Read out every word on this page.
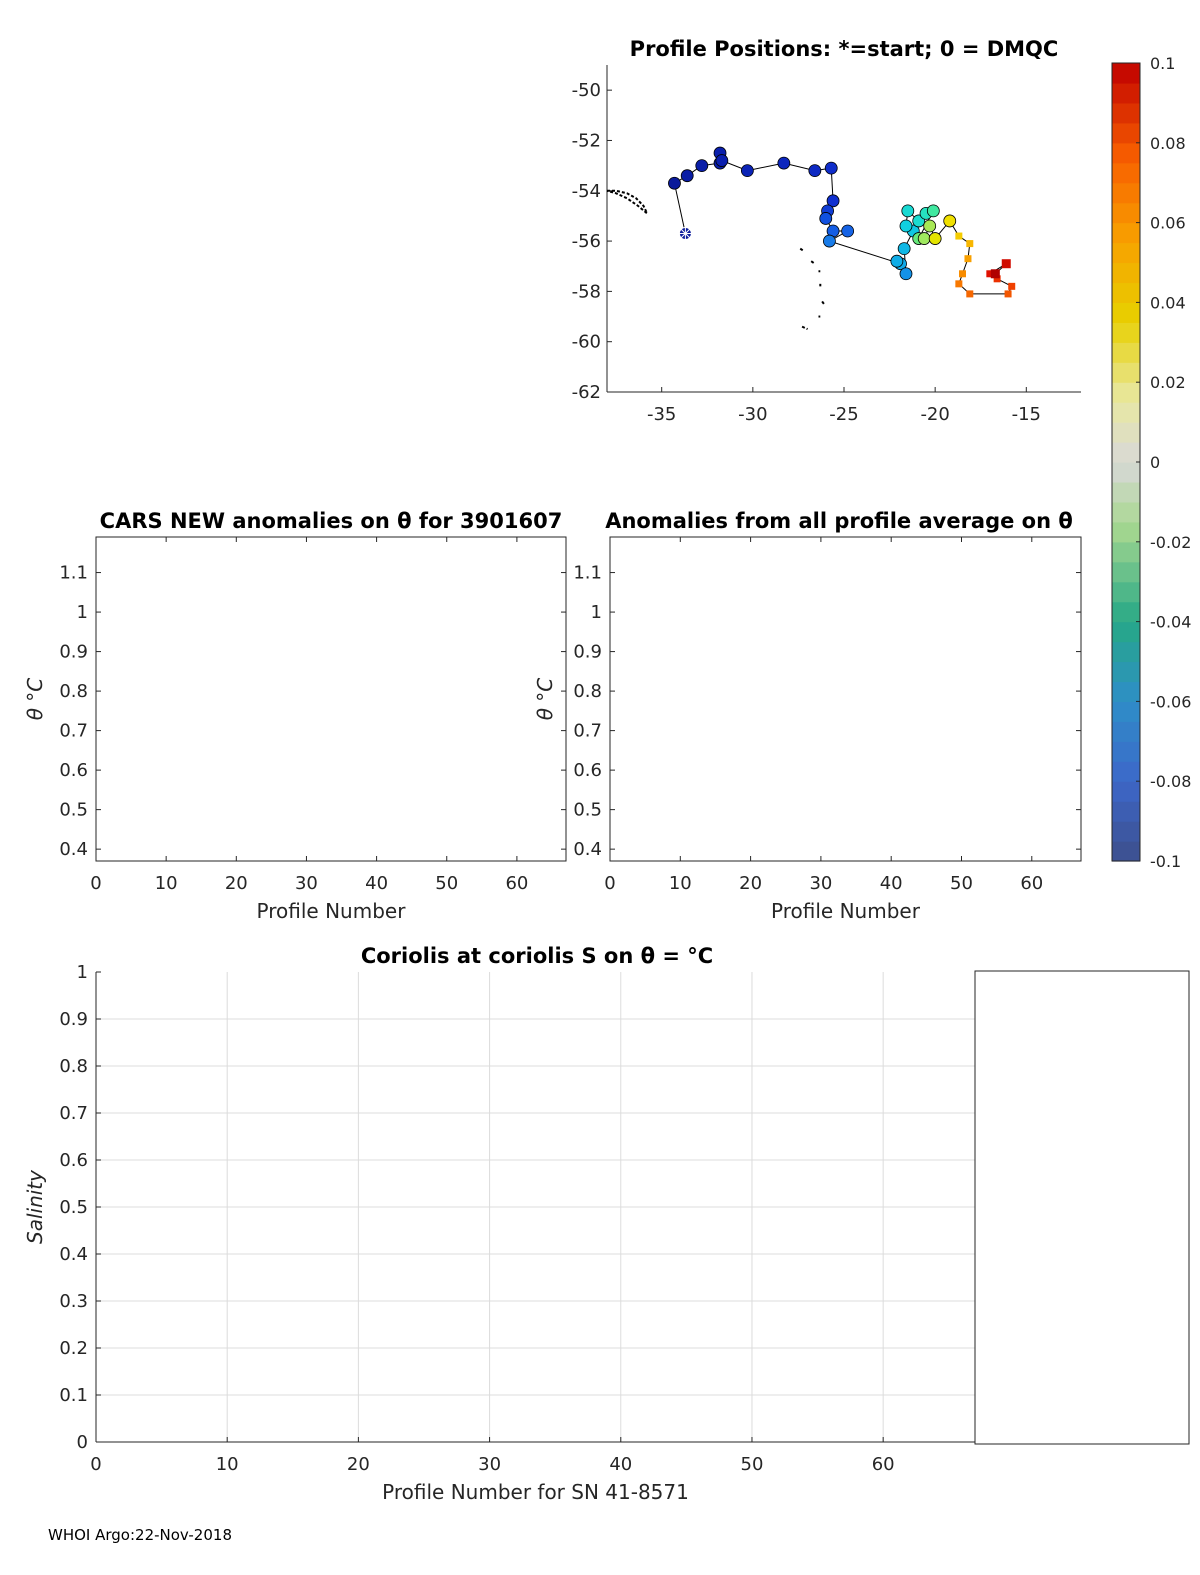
Profile Positions: *=start; 0 = DMQC
-50
-52
-54
-56
-58
-60
-62
-35	-30	-25	-20	-15
-0.1
-0.08
-0.06
-0.04
-0.02
0
0.02
0.04
0.06
0.08
0.1
0	10	20	30	40	50	60
0.4
0.5
0.6
0.7
0.8
0.9
1
1.1
CARS NEW anomalies on θ for 3901607
Profile Number
θ °C
0	10	20	30	40	50	60
0.4
0.5
0.6
0.7
0.8
0.9
1
1.1
Anomalies from all profile average on θ
Profile Number
θ °C
0	10	20	30	40	50	60
0
0.1
0.2
0.3
0.4
0.5
0.6
0.7
0.8
0.9
1
Coriolis at coriolis S on θ = °C
Profile Number for SN 41-8571
Salinity
WHOI Argo:22-Nov-2018
